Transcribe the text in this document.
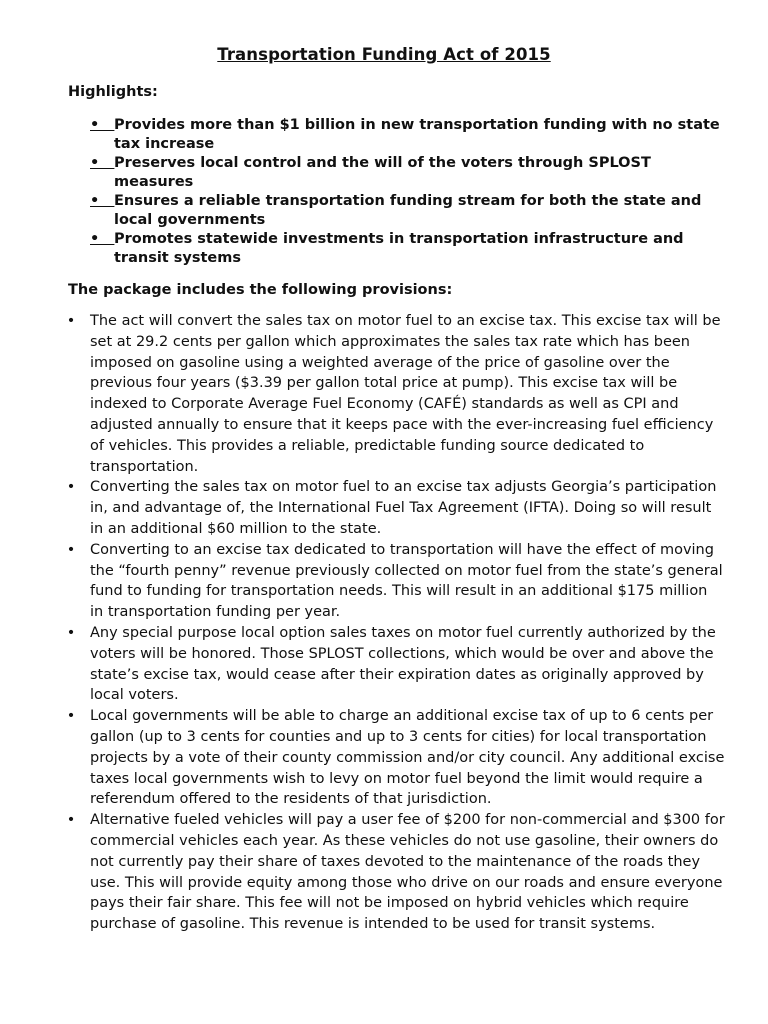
Transportation Funding Act of 2015
Highlights:
•
Provides more than $1 billion in new transportation funding with no state tax increase
•
Preserves local control and the will of the voters through SPLOST measures
•
Ensures a reliable transportation funding stream for both the state and local governments
•
Promotes statewide investments in transportation infrastructure and transit systems
The package includes the following provisions:
•
The act will convert the sales tax on motor fuel to an excise tax. This excise tax will be set at 29.2 cents per gallon which approximates the sales tax rate which has been imposed on gasoline using a weighted average of the price of gasoline over the previous four years ($3.39 per gallon total price at pump). This excise tax will be indexed to Corporate Average Fuel Economy (CAFÉ) standards as well as CPI and adjusted annually to ensure that it keeps pace with the ever-increasing fuel efficiency of vehicles. This provides a reliable, predictable funding source dedicated to transportation.
•
Converting the sales tax on motor fuel to an excise tax adjusts Georgia’s participation in, and advantage of, the International Fuel Tax Agreement (IFTA). Doing so will result in an additional $60 million to the state.
•
Converting to an excise tax dedicated to transportation will have the effect of moving the “fourth penny” revenue previously collected on motor fuel from the state’s general fund to funding for transportation needs. This will result in an additional $175 million in transportation funding per year.
•
Any special purpose local option sales taxes on motor fuel currently authorized by the voters will be honored. Those SPLOST collections, which would be over and above the state’s excise tax, would cease after their expiration dates as originally approved by local voters.
•
Local governments will be able to charge an additional excise tax of up to 6 cents per gallon (up to 3 cents for counties and up to 3 cents for cities) for local transportation projects by a vote of their county commission and/or city council. Any additional excise taxes local governments wish to levy on motor fuel beyond the limit would require a referendum offered to the residents of that jurisdiction.
•
Alternative fueled vehicles will pay a user fee of $200 for non-commercial and $300 for commercial vehicles each year. As these vehicles do not use gasoline, their owners do not currently pay their share of taxes devoted to the maintenance of the roads they use. This will provide equity among those who drive on our roads and ensure everyone pays their fair share. This fee will not be imposed on hybrid vehicles which require purchase of gasoline. This revenue is intended to be used for transit systems.
